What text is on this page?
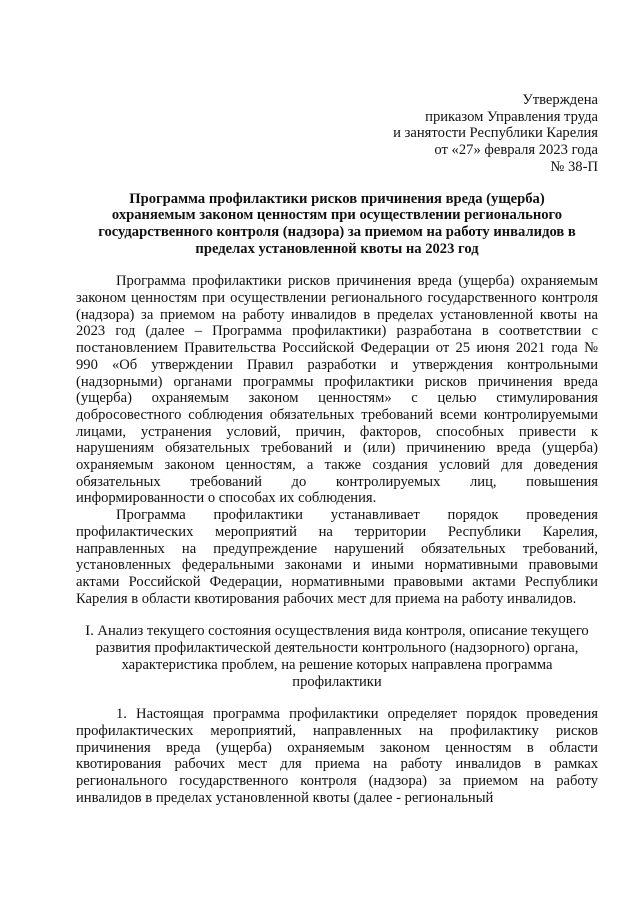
Утверждена
приказом Управления труда
и занятости Республики Карелия
от «27» февраля 2023 года
№ 38-П
Программа профилактики рисков причинения вреда (ущерба) охраняемым законом ценностям при осуществлении регионального государственного контроля (надзора) за приемом на работу инвалидов в пределах установленной квоты на 2023 год

Программа профилактики рисков причинения вреда (ущерба) охраняемым законом ценностям при осуществлении регионального государственного контроля (надзора) за приемом на работу инвалидов в пределах установленной квоты на 2023 год (далее – Программа профилактики) разработана в соответствии с постановлением Правительства Российской Федерации от 25 июня 2021 года № 990 «Об утверждении Правил разработки и утверждения контрольными (надзорными) органами программы профилактики рисков причинения вреда (ущерба) охраняемым законом ценностям» с целью стимулирования добросовестного соблюдения обязательных требований всеми контролируемыми лицами, устранения условий, причин, факторов, способных привести к нарушениям обязательных требований и (или) причинению вреда (ущерба) охраняемым законом ценностям, а также создания условий для доведения обязательных требований до контролируемых лиц, повышения информированности о способах их соблюдения.

Программа профилактики устанавливает порядок проведения профилактических мероприятий на территории Республики Карелия, направленных на предупреждение нарушений обязательных требований, установленных федеральными законами и иными нормативными правовыми актами Российской Федерации, нормативными правовыми актами Республики Карелия в области квотирования рабочих мест для приема на работу инвалидов.

I. Анализ текущего состояния осуществления вида контроля, описание текущего развития профилактической деятельности контрольного (надзорного) органа, характеристика проблем, на решение которых направлена программа профилактики

1. Настоящая программа профилактики определяет порядок проведения профилактических мероприятий, направленных на профилактику рисков причинения вреда (ущерба) охраняемым законом ценностям в области квотирования рабочих мест для приема на работу инвалидов в рамках регионального государственного контроля (надзора) за приемом на работу инвалидов в пределах установленной квоты (далее - региональный
